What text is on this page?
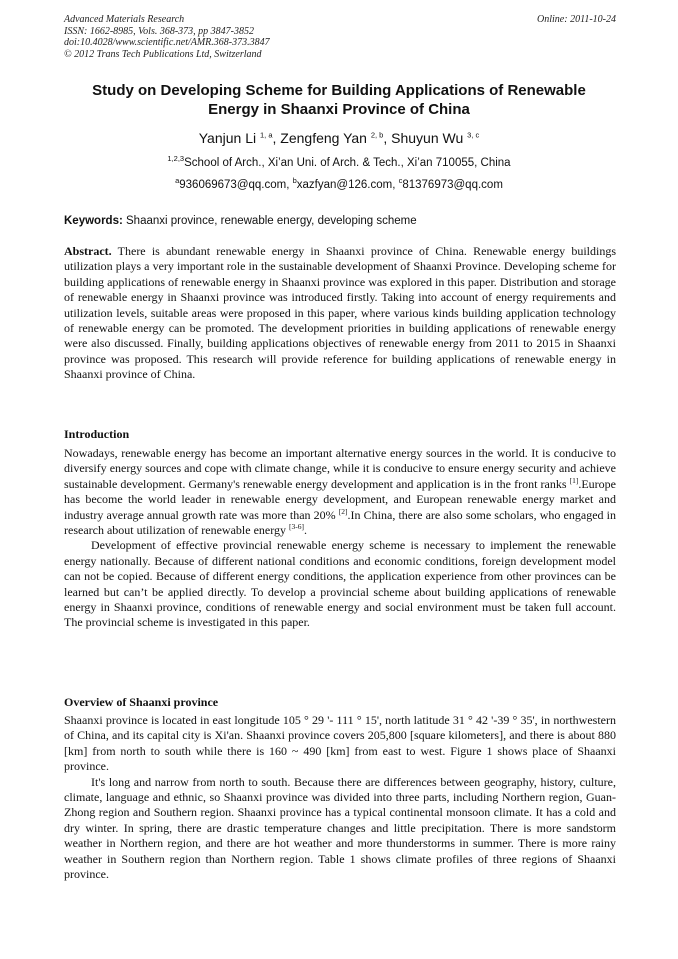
Advanced Materials Research
ISSN: 1662-8985, Vols. 368-373, pp 3847-3852
doi:10.4028/www.scientific.net/AMR.368-373.3847
© 2012 Trans Tech Publications Ltd, Switzerland
Online: 2011-10-24
Study on Developing Scheme for Building Applications of Renewable
Energy in Shaanxi Province of China
Yanjun Li $^{1, a}$, Zengfeng Yan $^{2, b}$, Shuyun Wu $^{3, c}$
$^{1,2,3}$School of Arch., Xi’an Uni. of Arch. & Tech., Xi’an 710055, China
$^a$936069673@qq.com, $^b$xazfyan@126.com, $^c$81376973@qq.com
Keywords: Shaanxi province, renewable energy, developing scheme
Abstract. There is abundant renewable energy in Shaanxi province of China. Renewable energy buildings utilization plays a very important role in the sustainable development of Shaanxi Province. Developing scheme for building applications of renewable energy in Shaanxi province was explored in this paper. Distribution and storage of renewable energy in Shaanxi province was introduced firstly. Taking into account of energy requirements and utilization levels, suitable areas were proposed in this paper, where various kinds building application technology of renewable energy can be promoted. The development priorities in building applications of renewable energy were also discussed. Finally, building applications objectives of renewable energy from 2011 to 2015 in Shaanxi province was proposed. This research will provide reference for building applications of renewable energy in Shaanxi province of China.
Introduction

Nowadays, renewable energy has become an important alternative energy sources in the world. It is conducive to diversify energy sources and cope with climate change, while it is conducive to ensure energy security and achieve sustainable development. Germany's renewable energy development and application is in the front ranks [1].Europe has become the world leader in renewable energy development, and European renewable energy market and industry average annual growth rate was more than 20% [2].In China, there are also some scholars, who engaged in research about utilization of renewable energy [3-6].

Development of effective provincial renewable energy scheme is necessary to implement the renewable energy nationally. Because of different national conditions and economic conditions, foreign development model can not be copied. Because of different energy conditions, the application experience from other provinces can be learned but can’t be applied directly. To develop a provincial scheme about building applications of renewable energy in Shaanxi province, conditions of renewable energy and social environment must be taken full account. The provincial scheme is investigated in this paper.

Overview of Shaanxi province

Shaanxi province is located in east longitude 105 ° 29 '- 111 ° 15', north latitude 31 ° 42 '-39 ° 35', in northwestern of China, and its capital city is Xi'an. Shaanxi province covers 205,800 [square kilometers], and there is about 880 [km] from north to south while there is 160 ~ 490 [km] from east to west. Figure 1 shows place of Shaanxi province.

It's long and narrow from north to south. Because there are differences between geography, history, culture, climate, language and ethnic, so Shaanxi province was divided into three parts, including Northern region, Guan-Zhong region and Southern region. Shaanxi province has a typical continental monsoon climate. It has a cold and dry winter. In spring, there are drastic temperature changes and little precipitation. There is more sandstorm weather in Northern region, and there are hot weather and more thunderstorms in summer. There is more rainy weather in Southern region than Northern region. Table 1 shows climate profiles of three regions of Shaanxi province.
